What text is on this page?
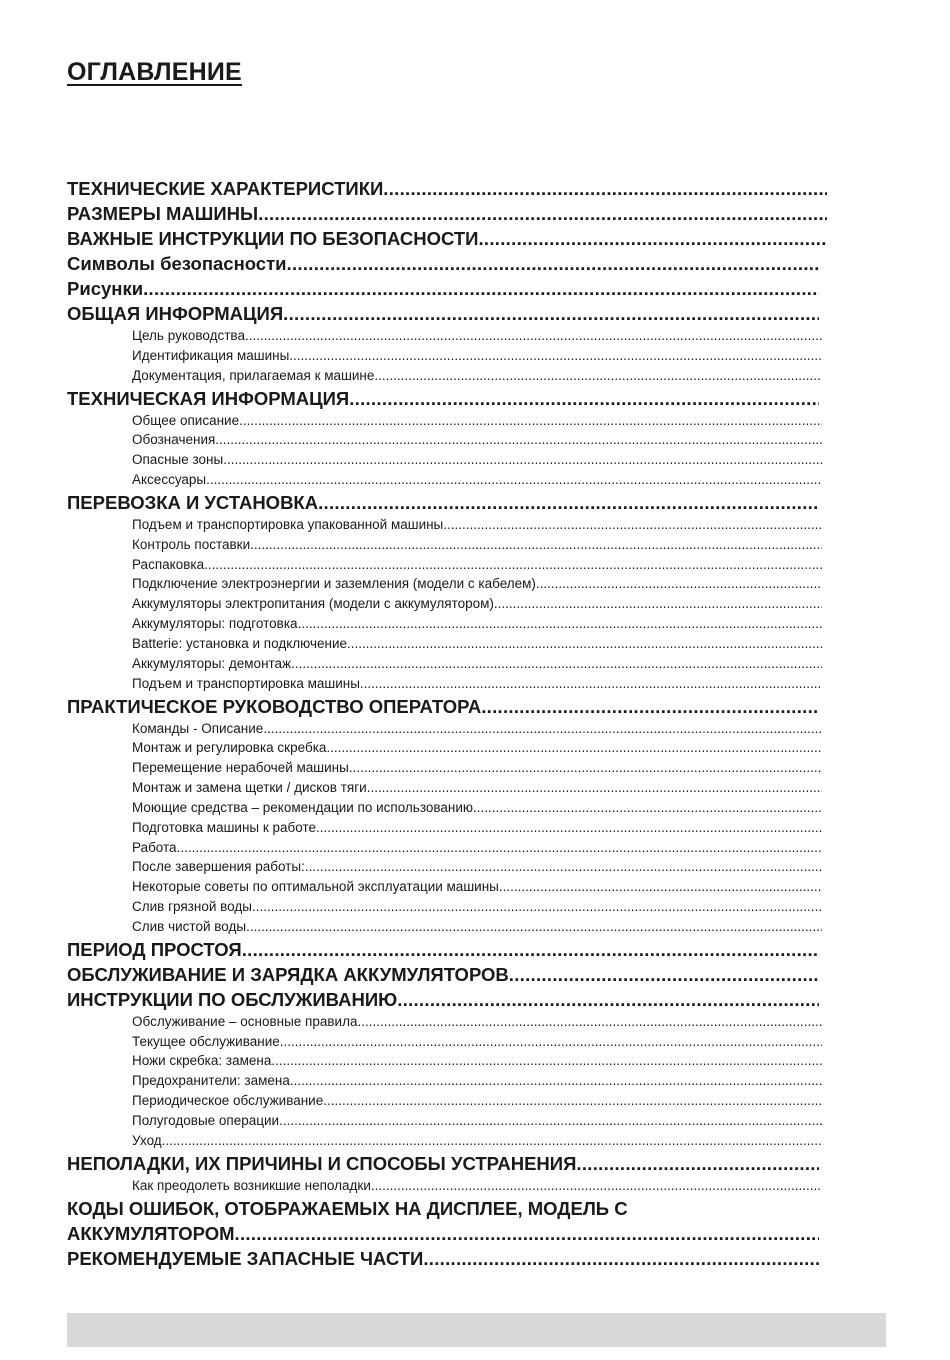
ОГЛАВЛЕНИЕ
ТЕХНИЧЕСКИЕ ХАРАКТЕРИСТИКИ
.....
РАЗМЕРЫ МАШИНЫ
.....
ВАЖНЫЕ ИНСТРУКЦИИ ПО БЕЗОПАСНОСТИ
.....
Символы безопасности
.....
Рисунки
.....
ОБЩАЯ ИНФОРМАЦИЯ
.....
Цель руководства
.....
Идентификация машины
.....
Документация, прилагаемая к машине
.....
ТЕХНИЧЕСКАЯ ИНФОРМАЦИЯ
.....
Общее описание
.....
Обозначения
.....
Опасные зоны
.....
Аксессуары
.....
ПЕРЕВОЗКА И УСТАНОВКА
.....
Подъем и транспортировка упакованной машины
.....
Контроль поставки
.....
Распаковка
.....
Подключение электроэнергии и заземления (модели с кабелем)
.....
Аккумуляторы электропитания (модели с аккумулятором)
.....
Аккумуляторы: подготовка
.....
Batterie: установка и подключение
.....
Аккумуляторы: демонтаж
.....
Подъем и транспортировка машины
.....
ПРАКТИЧЕСКОЕ РУКОВОДСТВО ОПЕРАТОРА
.....
Команды - Описание
.....
Монтаж и регулировка скребка
.....
Перемещение нерабочей машины
.....
Монтаж и замена щетки / дисков тяги
.....
Моющие средства – рекомендации по использованию
.....
Подготовка машины к работе
.....
Работа
.....
После завершения работы:
.....
Некоторые советы по оптимальной эксплуатации машины
.....
Слив грязной воды
.....
Слив чистой воды
.....
ПЕРИОД ПРОСТОЯ
.....
ОБСЛУЖИВАНИЕ И ЗАРЯДКА АККУМУЛЯТОРОВ
.....
ИНСТРУКЦИИ ПО ОБСЛУЖИВАНИЮ
.....
Обслуживание – основные правила
.....
Текущее обслуживание
.....
Ножи скребка: замена
.....
Предохранители: замена
.....
Периодическое обслуживание
.....
Полугодовые операции
.....
Уход
.....
НЕПОЛАДКИ, ИХ ПРИЧИНЫ И СПОСОБЫ УСТРАНЕНИЯ
.....
Как преодолеть возникшие неполадки
.....
КОДЫ ОШИБОК, ОТОБРАЖАЕМЫХ НА ДИСПЛЕЕ, МОДЕЛЬ С
АККУМУЛЯТОРОМ
.....
РЕКОМЕНДУЕМЫЕ ЗАПАСНЫЕ ЧАСТИ
.....
